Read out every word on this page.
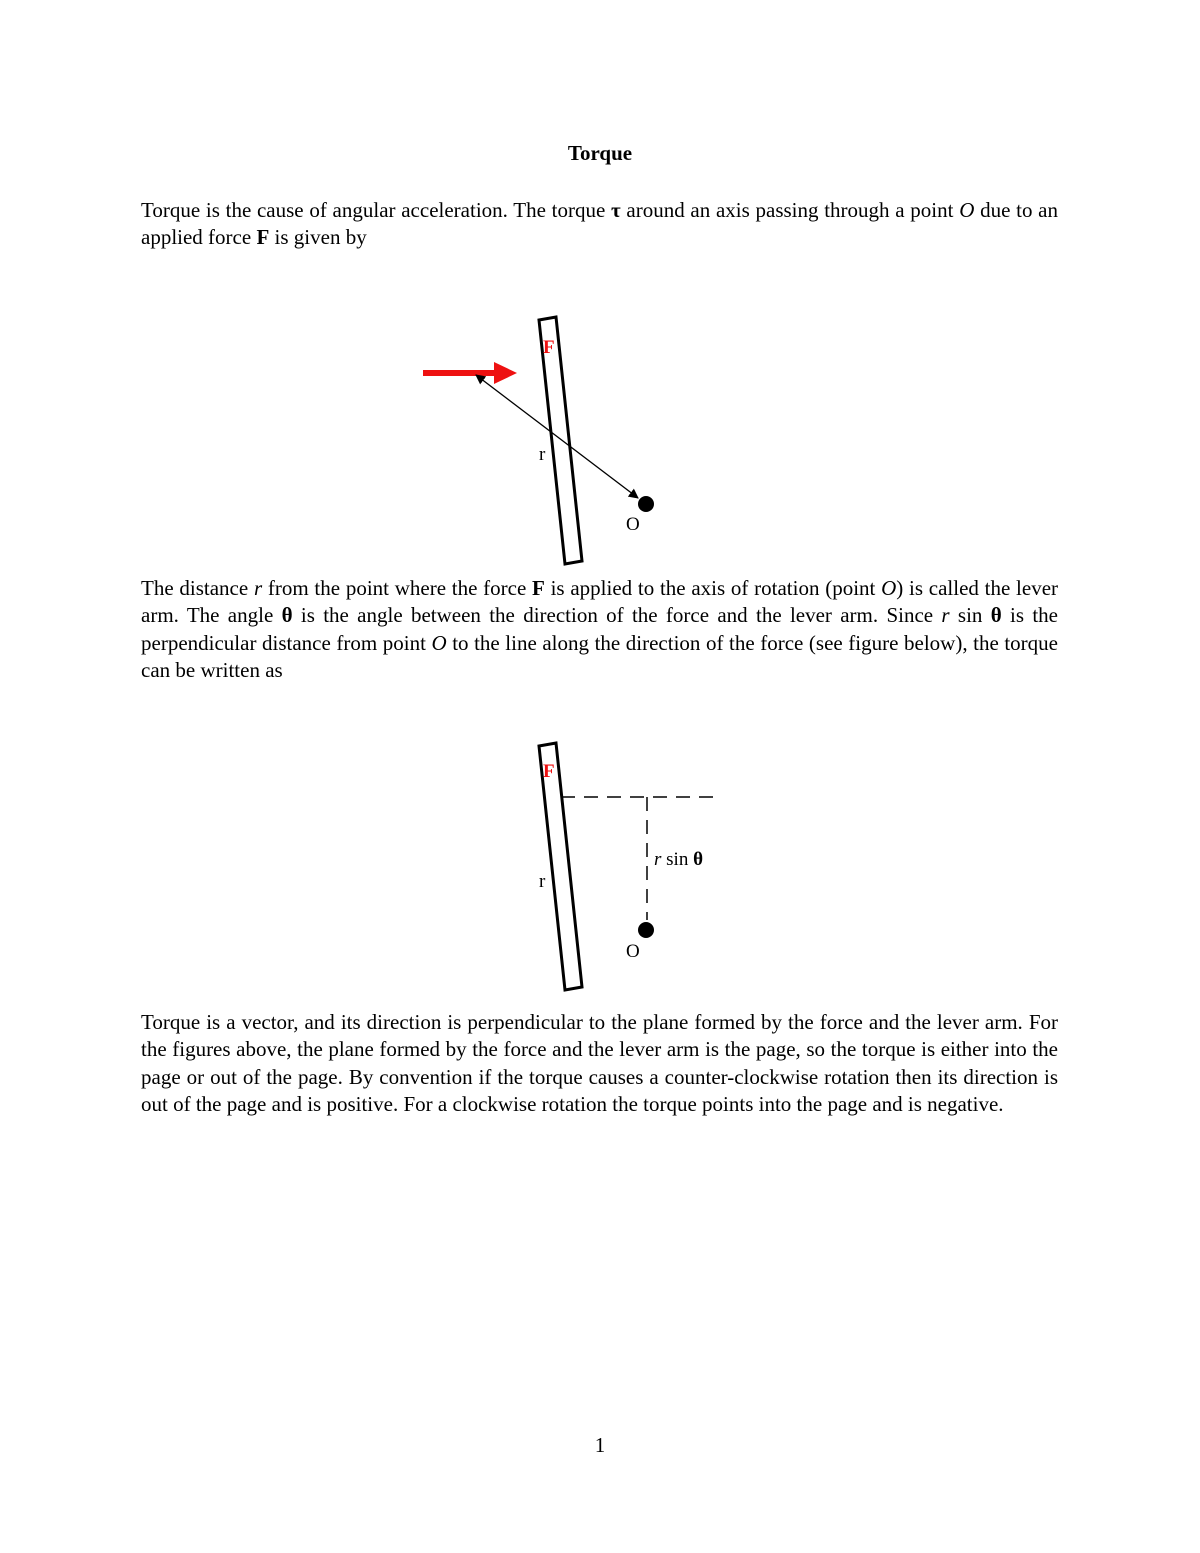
Torque
Torque is the cause of angular acceleration. The torque τ around an axis passing through a point O due to an applied force F is given by
F
r
O
The distance r from the point where the force F is applied to the axis of rotation (point O) is called the lever arm. The angle θ is the angle between the direction of the force and the lever arm. Since r sin θ is the perpendicular distance from point O to the line along the direction of the force (see figure below), the torque can be written as
F
r
O
r sin θ
Torque is a vector, and its direction is perpendicular to the plane formed by the force and the lever arm. For the figures above, the plane formed by the force and the lever arm is the page, so the torque is either into the page or out of the page. By convention if the torque causes a counter-clockwise rotation then its direction is out of the page and is positive. For a clockwise rotation the torque points into the page and is negative.
1
